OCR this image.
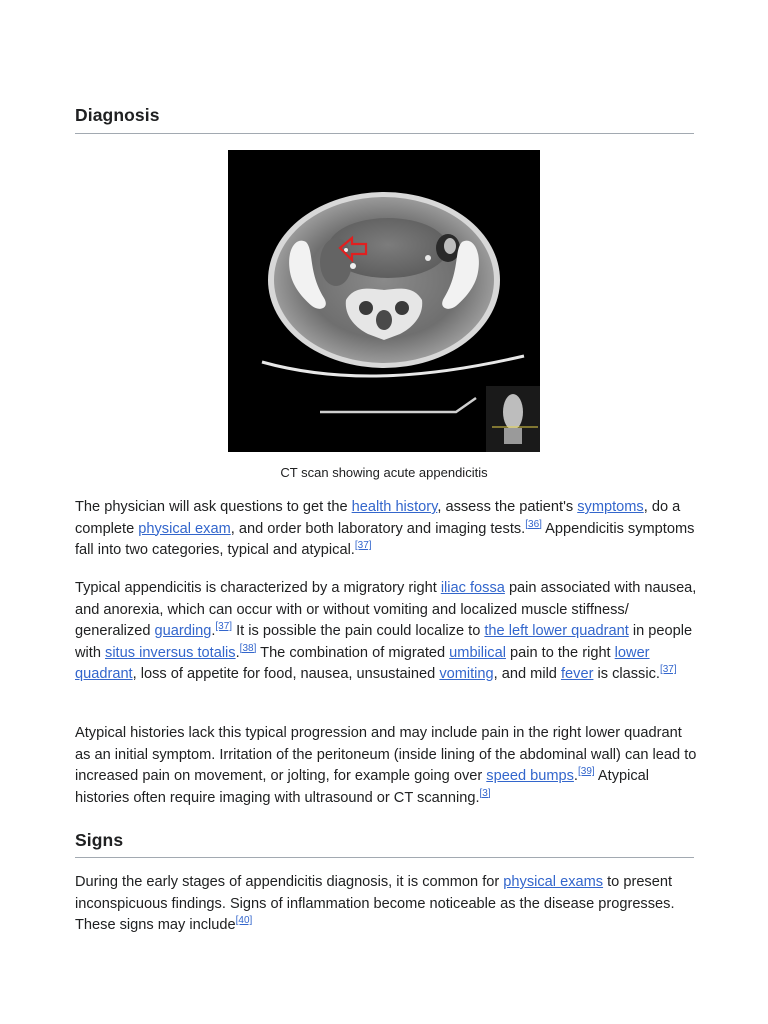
Diagnosis
CT scan showing acute appendicitis

The physician will ask questions to get the health history, assess the patient's symptoms, do a complete physical exam, and order both laboratory and imaging tests.[36] Appendicitis symptoms fall into two categories, typical and atypical.[37]

Typical appendicitis is characterized by a migratory right iliac fossa pain associated with nausea, and anorexia, which can occur with or without vomiting and localized muscle stiffness/ generalized guarding.[37] It is possible the pain could localize to the left lower quadrant in people with situs inversus totalis.[38] The combination of migrated umbilical pain to the right lower quadrant, loss of appetite for food, nausea, unsustained vomiting, and mild fever is classic.[37]

Atypical histories lack this typical progression and may include pain in the right lower quadrant as an initial symptom. Irritation of the peritoneum (inside lining of the abdominal wall) can lead to increased pain on movement, or jolting, for example going over speed bumps.[39] Atypical histories often require imaging with ultrasound or CT scanning.[3]

Signs

During the early stages of appendicitis diagnosis, it is common for physical exams to present inconspicuous findings. Signs of inflammation become noticeable as the disease progresses. These signs may include[40]
